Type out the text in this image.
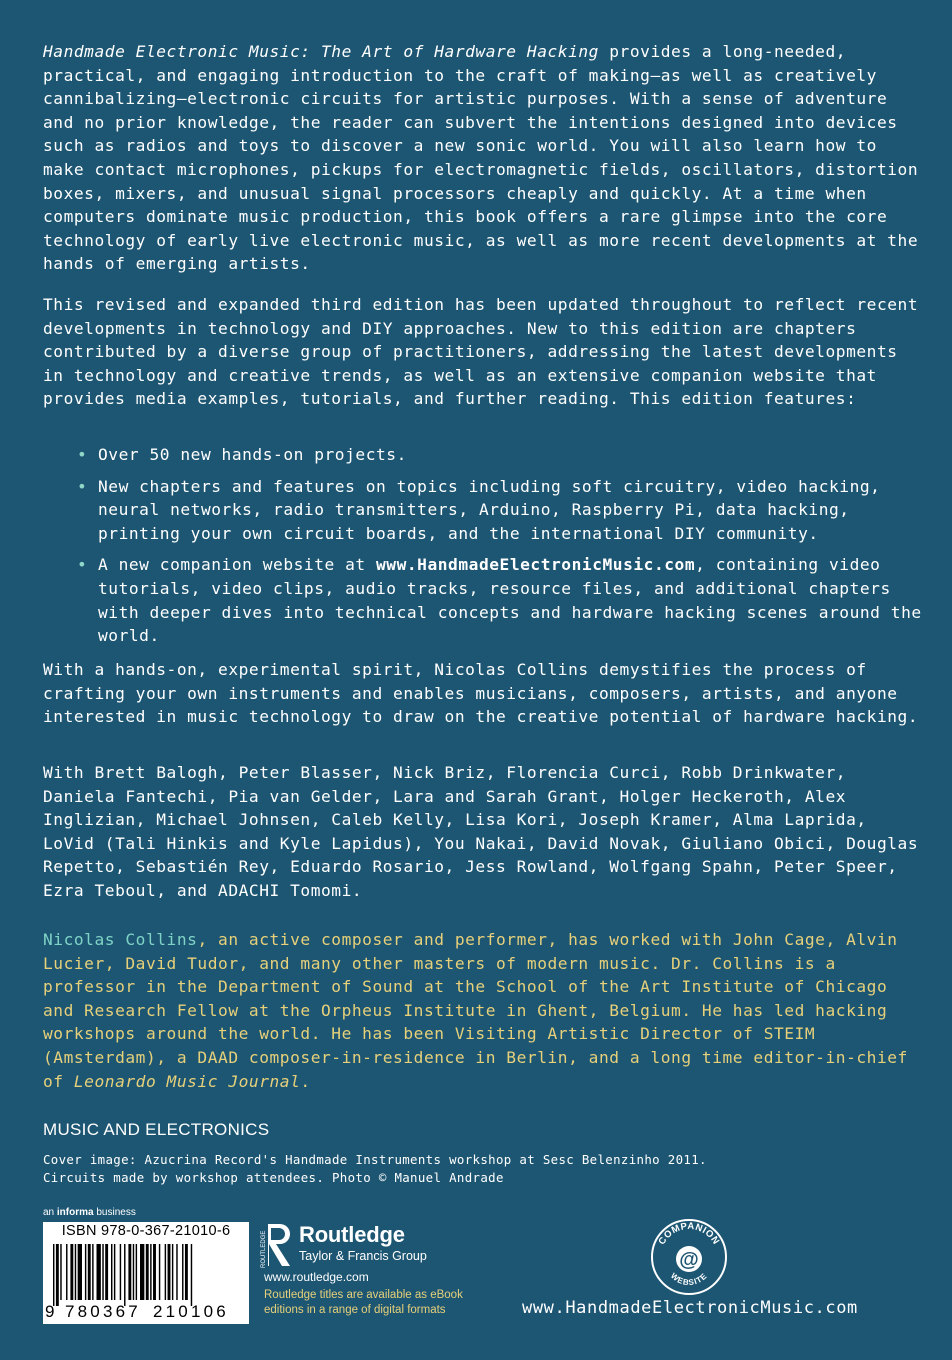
Handmade Electronic Music: The Art of Hardware Hacking provides a long-needed, practical, and engaging introduction to the craft of making—as well as creatively cannibalizing—electronic circuits for artistic purposes. With a sense of adventure and no prior knowledge, the reader can subvert the intentions designed into devices such as radios and toys to discover a new sonic world. You will also learn how to make contact microphones, pickups for electromagnetic fields, oscillators, distortion boxes, mixers, and unusual signal processors cheaply and quickly. At a time when computers dominate music production, this book offers a rare glimpse into the core technology of early live electronic music, as well as more recent developments at the hands of emerging artists.

This revised and expanded third edition has been updated throughout to reflect recent developments in technology and DIY approaches. New to this edition are chapters contributed by a diverse group of practitioners, addressing the latest developments in technology and creative trends, as well as an extensive companion website that provides media examples, tutorials, and further reading. This edition features:

• Over 50 new hands-on projects.
• New chapters and features on topics including soft circuitry, video hacking, neural networks, radio transmitters, Arduino, Raspberry Pi, data hacking, printing your own circuit boards, and the international DIY community.
• A new companion website at www.HandmadeElectronicMusic.com, containing video tutorials, video clips, audio tracks, resource files, and additional chapters with deeper dives into technical concepts and hardware hacking scenes around the world.

With a hands-on, experimental spirit, Nicolas Collins demystifies the process of crafting your own instruments and enables musicians, composers, artists, and anyone interested in music technology to draw on the creative potential of hardware hacking.

With Brett Balogh, Peter Blasser, Nick Briz, Florencia Curci, Robb Drinkwater, Daniela Fantechi, Pia van Gelder, Lara and Sarah Grant, Holger Heckeroth, Alex Inglizian, Michael Johnsen, Caleb Kelly, Lisa Kori, Joseph Kramer, Alma Laprida, LoVid (Tali Hinkis and Kyle Lapidus), You Nakai, David Novak, Giuliano Obici, Douglas Repetto, Sebastién Rey, Eduardo Rosario, Jess Rowland, Wolfgang Spahn, Peter Speer, Ezra Teboul, and ADACHI Tomomi.

Nicolas Collins, an active composer and performer, has worked with John Cage, Alvin Lucier, David Tudor, and many other masters of modern music. Dr. Collins is a professor in the Department of Sound at the School of the Art Institute of Chicago and Research Fellow at the Orpheus Institute in Ghent, Belgium. He has led hacking workshops around the world. He has been Visiting Artistic Director of STEIM (Amsterdam), a DAAD composer-in-residence in Berlin, and a long time editor-in-chief of Leonardo Music Journal.
MUSIC AND ELECTRONICS

Cover image: Azucrina Record's Handmade Instruments workshop at Sesc Belenzinho 2011.

Circuits made by workshop attendees. Photo © Manuel Andrade

an informa business
ISBN 978-0-367-21010-6
9 780367 210106
ROUTLEDGE Routledge
Taylor & Francis Group
www.routledge.com
Routledge titles are available as eBook
editions in a range of digital formats
COMPANION
WEBSITE
@
www.HandmadeElectronicMusic.com
